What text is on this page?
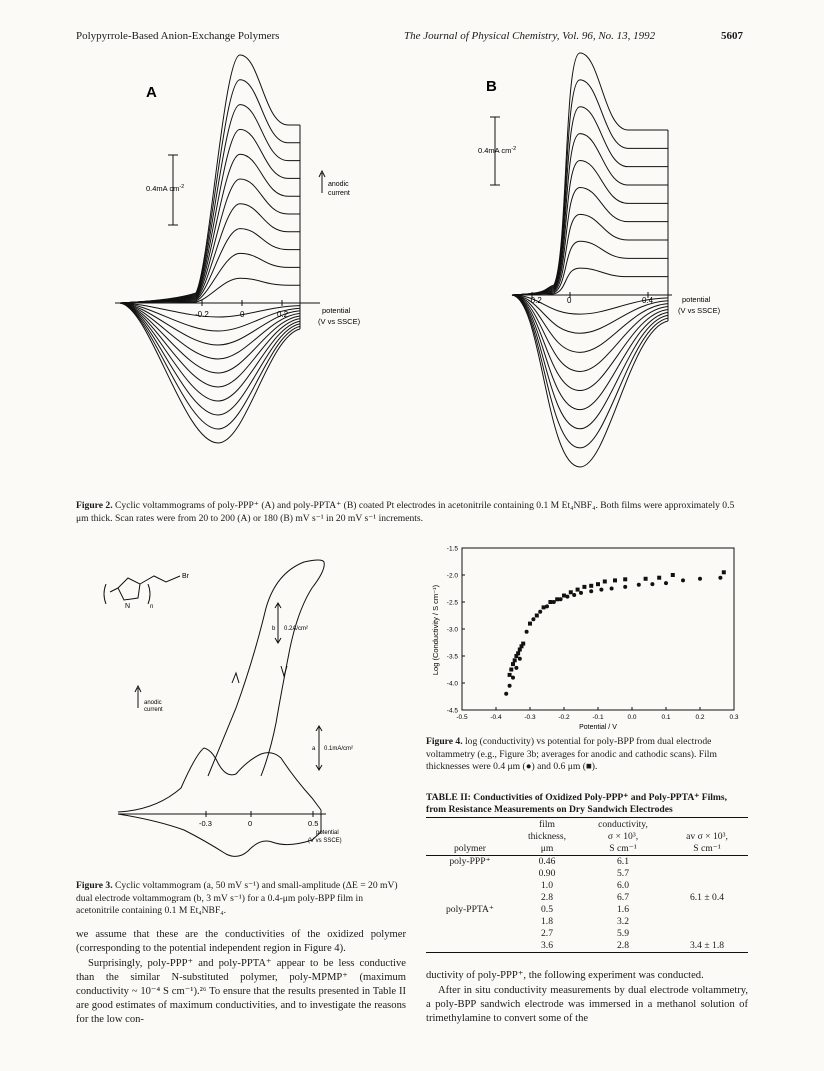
Polypyrrole-Based Anion-Exchange Polymers	The Journal of Physical Chemistry, Vol. 96, No. 13, 1992	5607
-0.2	0	0.2	potential
(V vs SSCE)
A
0.4mA $cm^{-2}$	anodic
current
-0.2	0	0.4	potential
(V vs SSCE)
B
0.4mA $cm^{-2}$
Figure 2. Cyclic voltammograms of poly-PPP⁺ (A) and poly-PPTA⁺ (B) coated Pt electrodes in acetonitrile containing 0.1 M Et₄NBF₄. Both films were approximately 0.5 μm thick. Scan rates were from 20 to 200 (A) or 180 (B) mV s⁻¹ in 20 mV s⁻¹ increments.
Br
N	n
-0.3	0	0.5
potential
(V vs SSCE)
anodic
current
b 0.2A/cm²
a 0.1mA/cm²
Figure 3. Cyclic voltammogram (a, 50 mV s⁻¹) and small-amplitude (ΔE = 20 mV) dual electrode voltammogram (b, 3 mV s⁻¹) for a 0.4-μm poly-BPP film in acetonitrile containing 0.1 M Et₄NBF₄.
-0.5	-0.4	-0.3	-0.2	-0.1	0.0	0.1	0.2	0.3
-1.5
-2.0
-2.5
-3.0
-3.5
-4.0
-4.5
Potential / V
Log (Conductivity / S cm⁻¹)
Figure 4. log (conductivity) vs potential for poly-BPP from dual electrode voltammetry (e.g., Figure 3b; averages for anodic and cathodic scans). Film thicknesses were 0.4 μm (●) and 0.6 μm (■).
TABLE II: Conductivities of Oxidized Poly-PPP⁺ and Poly-PPTA⁺ Films, from Resistance Measurements on Dry Sandwich Electrodes
	film	conductivity,	
	thickness,	σ × 10³,	av σ × 10³,
polymer	μm	S cm⁻¹	S cm⁻¹
poly-PPP⁺	0.46	6.1	
	0.90	5.7	
	1.0	6.0	
	2.8	6.7	6.1 ± 0.4
poly-PPTA⁺	0.5	1.6	
	1.8	3.2	
	2.7	5.9	
	3.6	2.8	3.4 ± 1.8

we assume that these are the conductivities of the oxidized polymer (corresponding to the potential independent region in Figure 4).

Surprisingly, poly-PPP⁺ and poly-PPTA⁺ appear to be less conductive than the similar N-substituted polymer, poly-MPMP⁺ (maximum conductivity ~ 10⁻⁴ S cm⁻¹).²⁶ To ensure that the results presented in Table II are good estimates of maximum conductivities, and to investigate the reasons for the low con-

ductivity of poly-PPP⁺, the following experiment was conducted.

After in situ conductivity measurements by dual electrode voltammetry, a poly-BPP sandwich electrode was immersed in a methanol solution of trimethylamine to convert some of the
